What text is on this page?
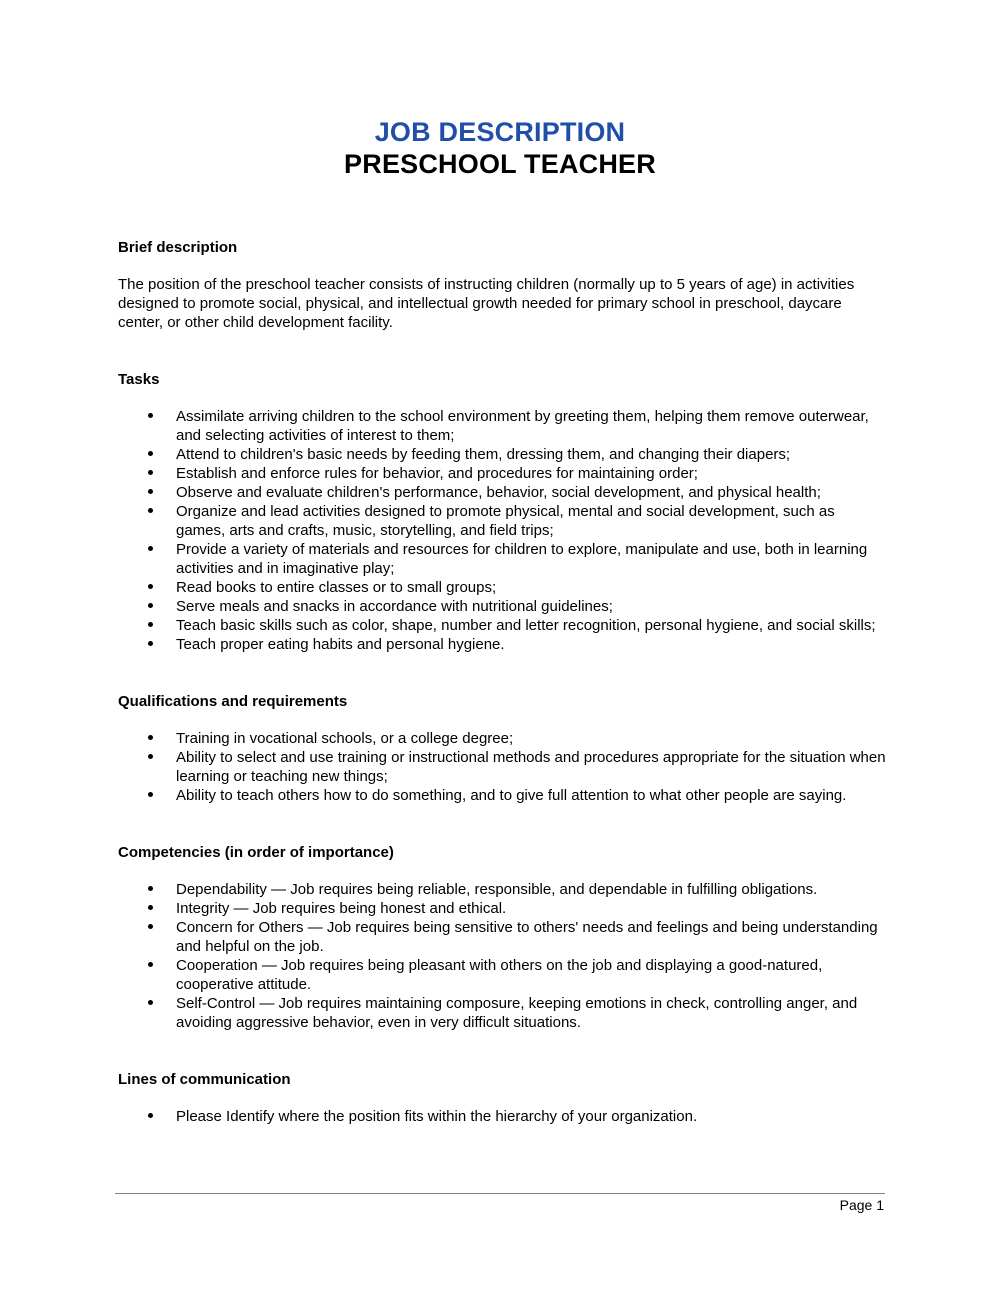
JOB DESCRIPTION
PRESCHOOL TEACHER
Brief description

The position of the preschool teacher consists of instructing children (normally up to 5 years of age) in activities designed to promote social, physical, and intellectual growth needed for primary school in preschool, daycare center, or other child development facility.

Tasks
Assimilate arriving children to the school environment by greeting them, helping them remove outerwear, and selecting activities of interest to them;
Attend to children's basic needs by feeding them, dressing them, and changing their diapers;
Establish and enforce rules for behavior, and procedures for maintaining order;
Observe and evaluate children's performance, behavior, social development, and physical health;
Organize and lead activities designed to promote physical, mental and social development, such as games, arts and crafts, music, storytelling, and field trips;
Provide a variety of materials and resources for children to explore, manipulate and use, both in learning activities and in imaginative play;
Read books to entire classes or to small groups;
Serve meals and snacks in accordance with nutritional guidelines;
Teach basic skills such as color, shape, number and letter recognition, personal hygiene, and social skills;
Teach proper eating habits and personal hygiene.
Qualifications and requirements
Training in vocational schools, or a college degree;
Ability to select and use training or instructional methods and procedures appropriate for the situation when learning or teaching new things;
Ability to teach others how to do something, and to give full attention to what other people are saying.
Competencies (in order of importance)
Dependability — Job requires being reliable, responsible, and dependable in fulfilling obligations.
Integrity — Job requires being honest and ethical.
Concern for Others — Job requires being sensitive to others' needs and feelings and being understanding and helpful on the job.
Cooperation — Job requires being pleasant with others on the job and displaying a good-natured, cooperative attitude.
Self-Control — Job requires maintaining composure, keeping emotions in check, controlling anger, and avoiding aggressive behavior, even in very difficult situations.
Lines of communication
Please Identify where the position fits within the hierarchy of your organization.
Page 1
